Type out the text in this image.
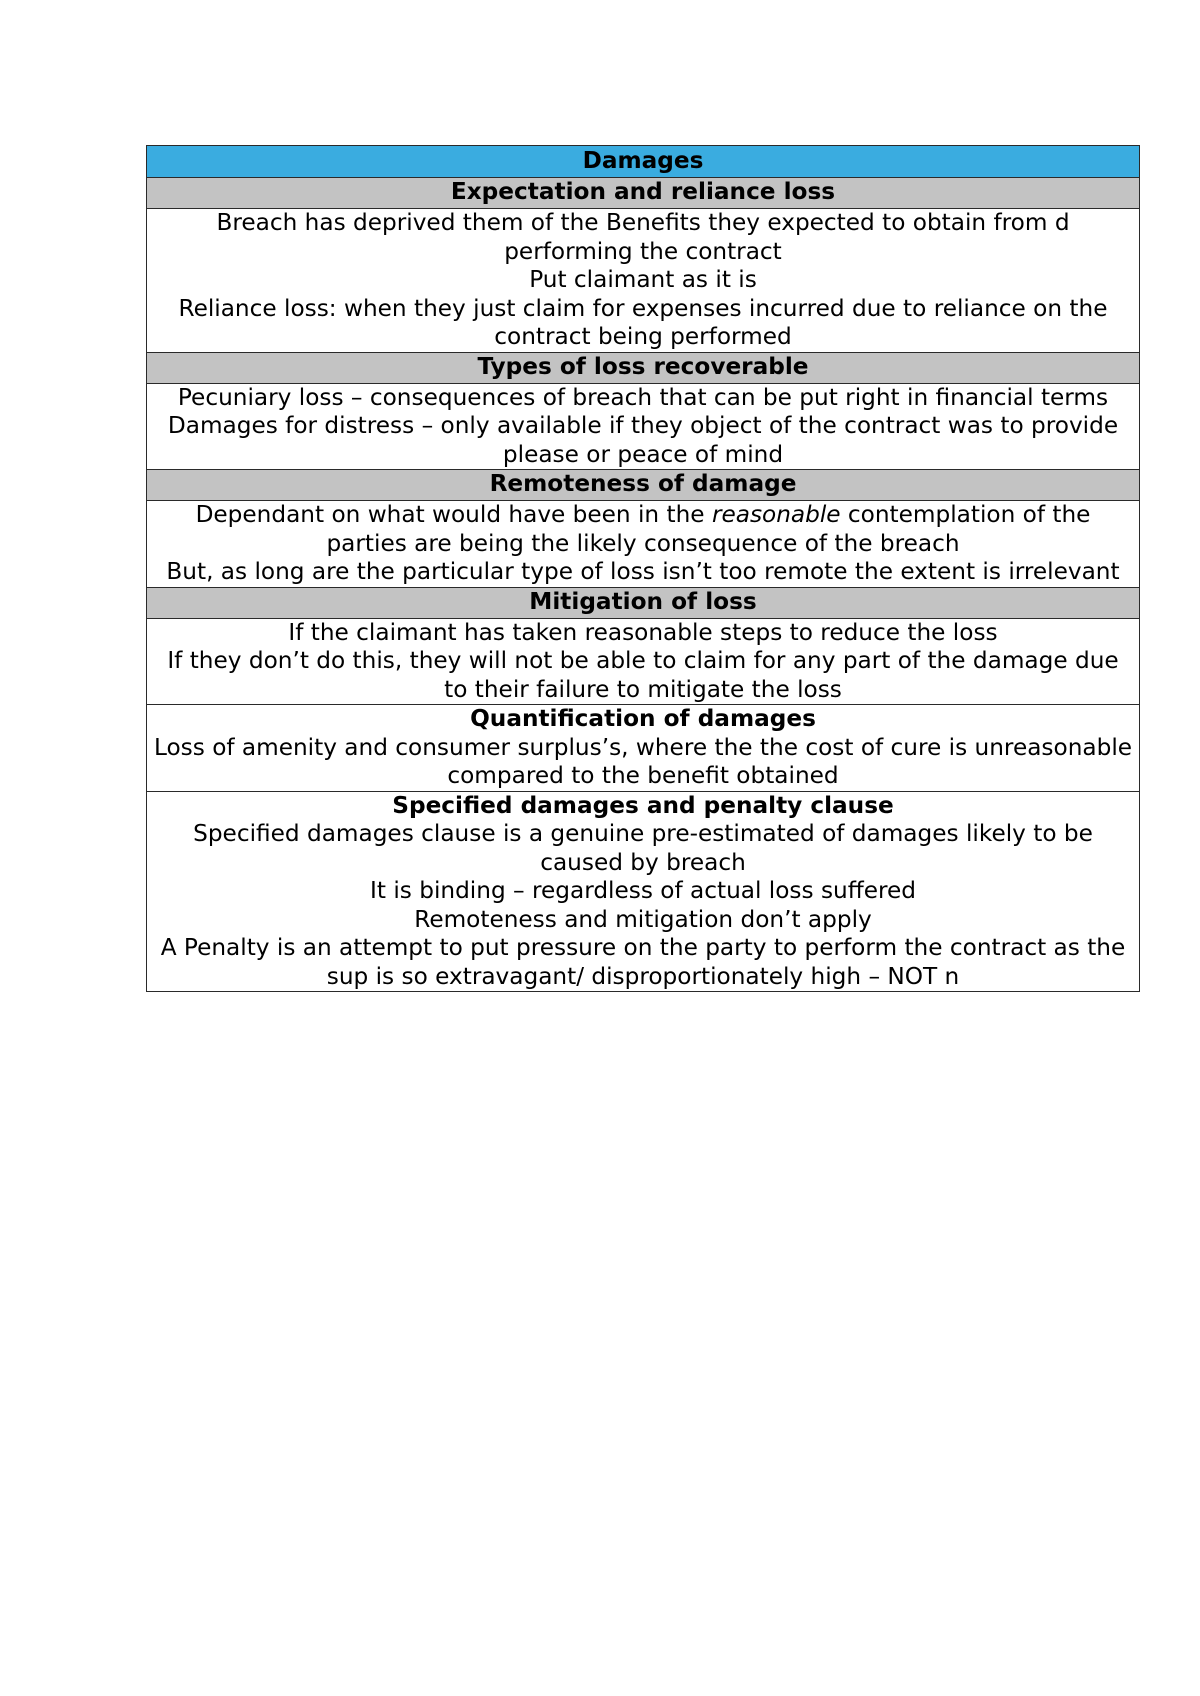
Damages
Expectation and reliance loss

Breach has deprived them of the Benefits they expected to obtain from d performing the contract
Put claimant as it is
Reliance loss: when they just claim for expenses incurred due to reliance on the contract being performed

Types of loss recoverable

Pecuniary loss – consequences of breach that can be put right in financial terms
Damages for distress – only available if they object of the contract was to provide please or peace of mind

Remoteness of damage

Dependant on what would have been in the reasonable contemplation of the parties are being the likely consequence of the breach
But, as long are the particular type of loss isn’t too remote the extent is irrelevant

Mitigation of loss

If the claimant has taken reasonable steps to reduce the loss
If they don’t do this, they will not be able to claim for any part of the damage due to their failure to mitigate the loss

Quantification of damages
Loss of amenity and consumer surplus’s, where the the cost of cure is unreasonable compared to the benefit obtained

Specified damages and penalty clause
Specified damages clause is a genuine pre-estimated of damages likely to be caused by breach
It is binding – regardless of actual loss suffered
Remoteness and mitigation don’t apply
A Penalty is an attempt to put pressure on the party to perform the contract as the sup is so extravagant/ disproportionately high – NOT n
